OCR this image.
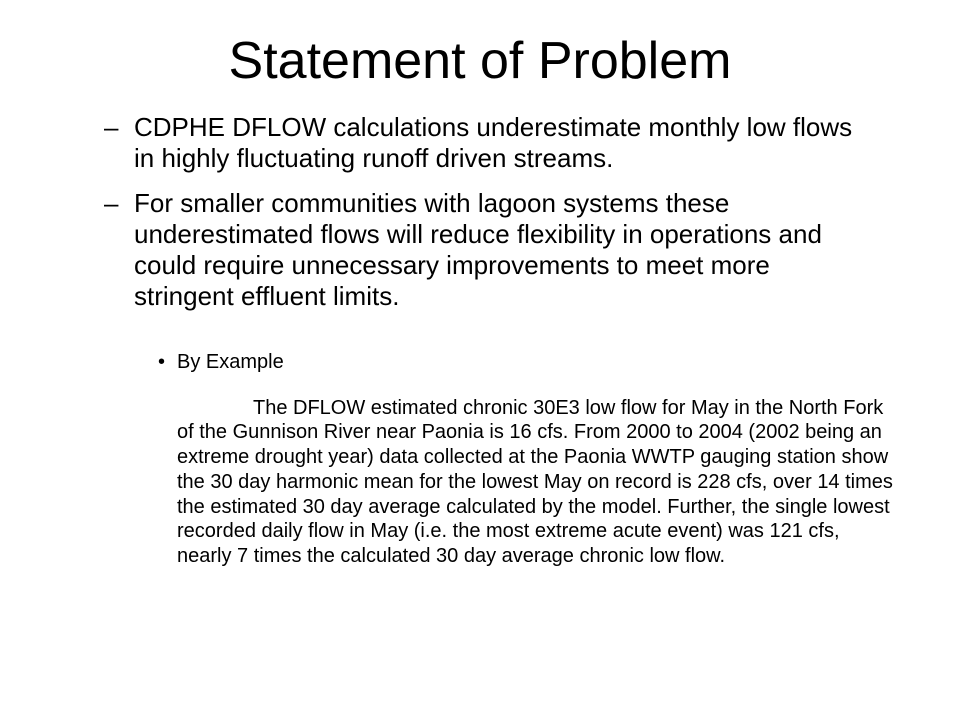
Statement of Problem
– CDPHE DFLOW calculations underestimate monthly low flows in highly fluctuating runoff driven streams.
– For smaller communities with lagoon systems these underestimated flows will reduce flexibility in operations and could require unnecessary improvements to meet more stringent effluent limits.
• By Example

The DFLOW estimated chronic 30E3 low flow for May in the North Fork of the Gunnison River near Paonia is 16 cfs. From 2000 to 2004 (2002 being an extreme drought year) data collected at the Paonia WWTP gauging station show the 30 day harmonic mean for the lowest May on record is 228 cfs, over 14 times the estimated 30 day average calculated by the model. Further, the single lowest recorded daily flow in May (i.e. the most extreme acute event) was 121 cfs, nearly 7 times the calculated 30 day average chronic low flow.
